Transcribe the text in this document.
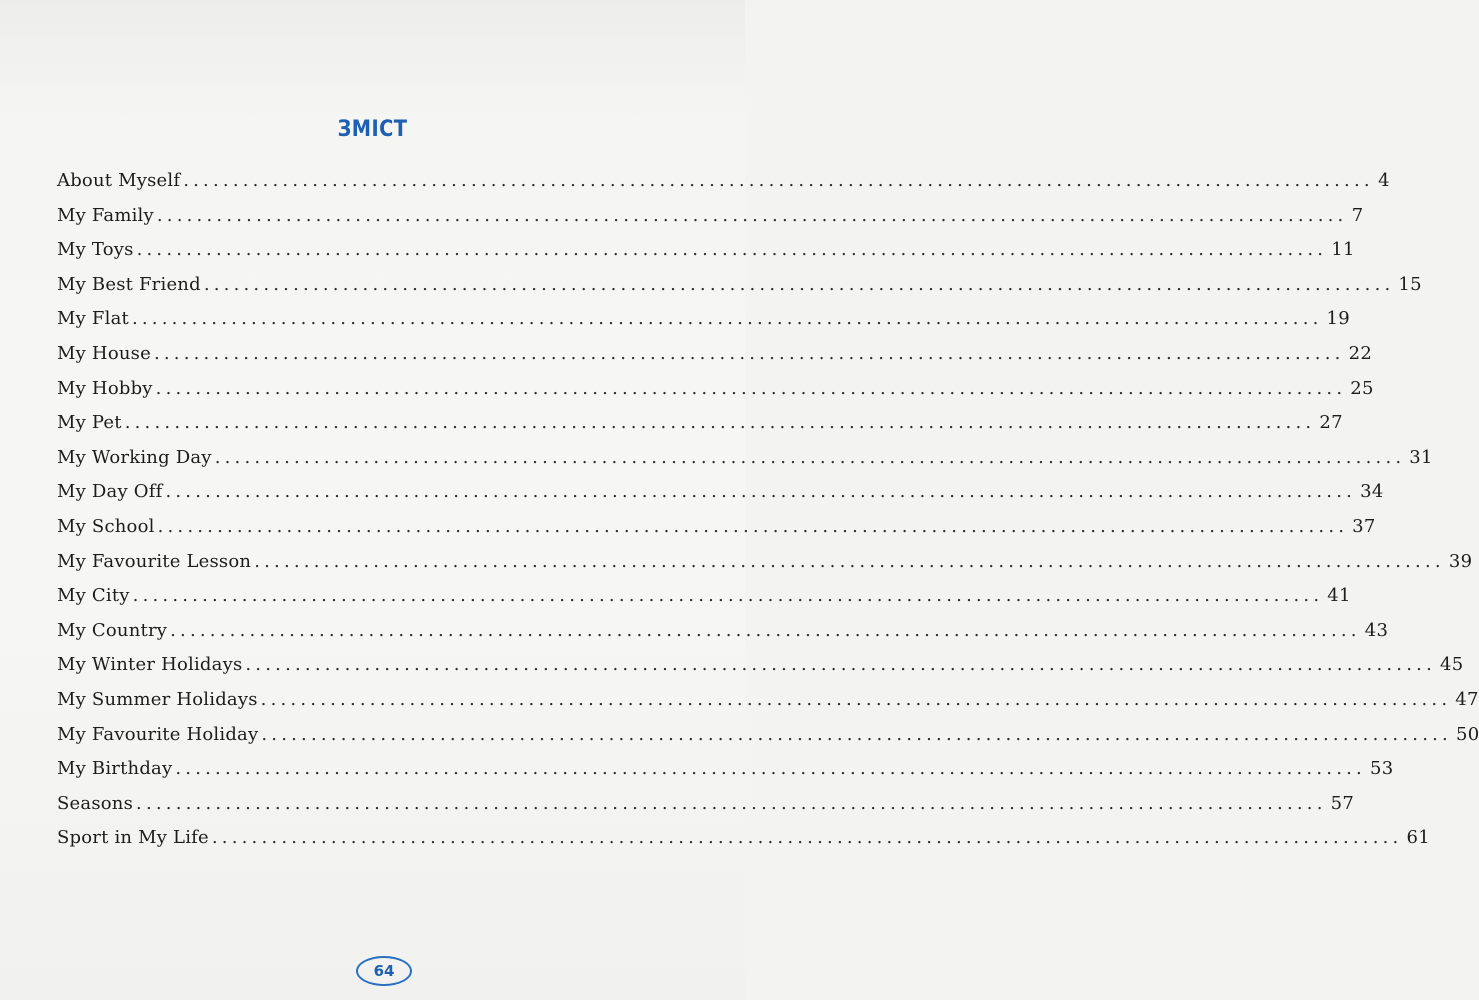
ЗМІСТ
About Myself ........................................................................................................................ 4
My Family ........................................................................................................................ 7
My Toys ........................................................................................................................ 11
My Best Friend ........................................................................................................................ 15
My Flat ........................................................................................................................ 19
My House ........................................................................................................................ 22
My Hobby ........................................................................................................................ 25
My Pet ........................................................................................................................ 27
My Working Day ........................................................................................................................ 31
My Day Off ........................................................................................................................ 34
My School ........................................................................................................................ 37
My Favourite Lesson ........................................................................................................................ 39
My City ........................................................................................................................ 41
My Country ........................................................................................................................ 43
My Winter Holidays ........................................................................................................................ 45
My Summer Holidays ........................................................................................................................ 47
My Favourite Holiday ........................................................................................................................ 50
My Birthday ........................................................................................................................ 53
Seasons ........................................................................................................................ 57
Sport in My Life ........................................................................................................................ 61
64
